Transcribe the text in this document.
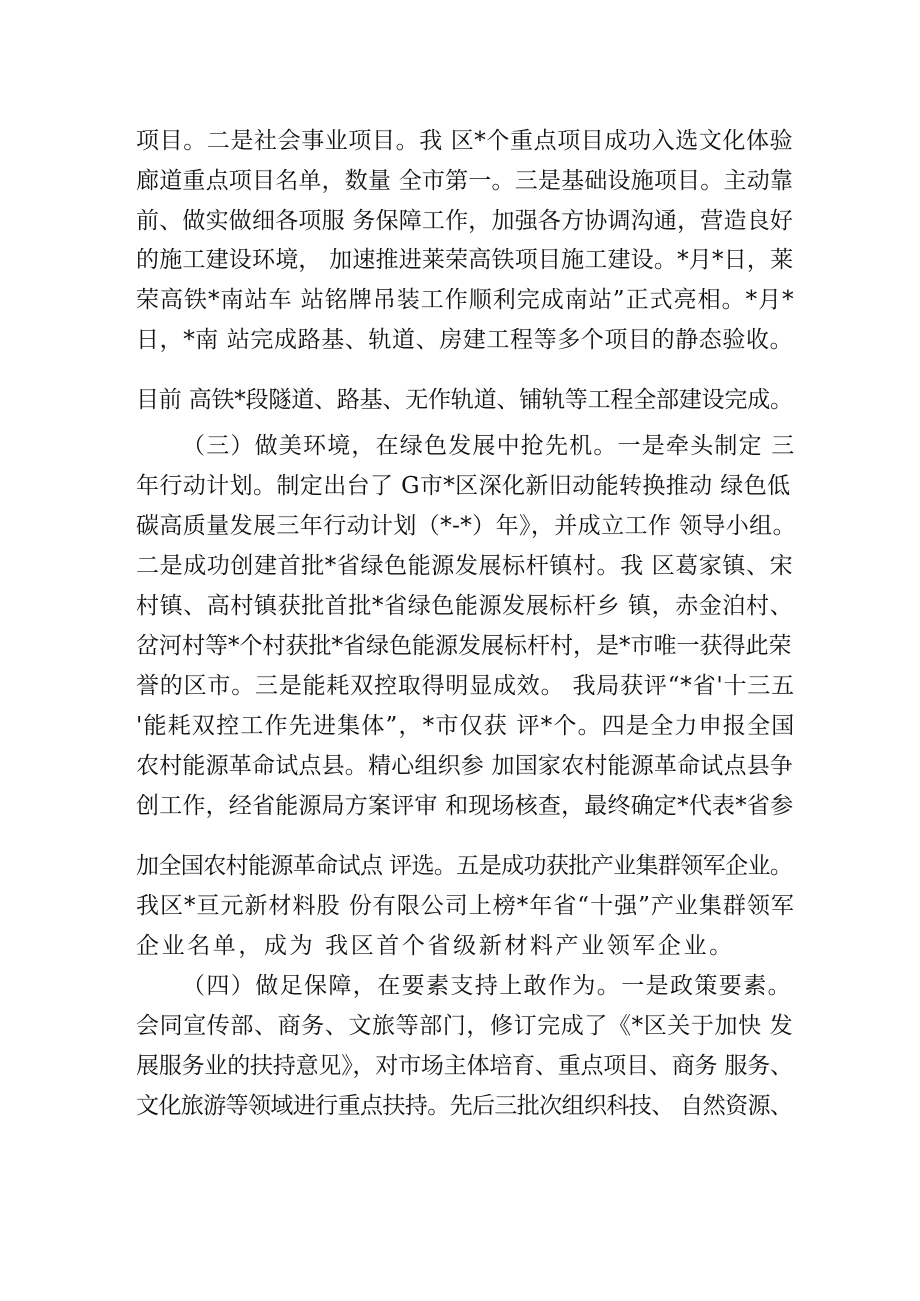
项目。二是社会事业项目。我 区*个重点项目成功入选文化体验
廊道重点项目名单，数量 全市第一。三是基础设施项目。主动靠
前、做实做细各项服 务保障工作，加强各方协调沟通，营造良好
的施工建设环境， 加速推进莱荣高铁项目施工建设。*月*日，莱
荣高铁*南站车 站铭牌吊装工作顺利完成南站”正式亮相。*月*
日，*南 站完成路基、轨道、房建工程等多个项目的静态验收。
目前 高铁*段隧道、路基、无作轨道、铺轨等工程全部建设完成。
（三）做美环境，在绿色发展中抢先机。一是牵头制定 三
年行动计划。制定出台了 G市*区深化新旧动能转换推动 绿色低
碳高质量发展三年行动计划（*-*）年》，并成立工作 领导小组。
二是成功创建首批*省绿色能源发展标杆镇村。我 区葛家镇、宋
村镇、高村镇获批首批*省绿色能源发展标杆乡 镇，赤金泊村、
岔河村等*个村获批*省绿色能源发展标杆村，是*市唯一获得此荣
誉的区市。三是能耗双控取得明显成效。 我局获评“*省'十三五
'能耗双控工作先进集体”，*市仅获 评*个。四是全力申报全国
农村能源革命试点县。精心组织参 加国家农村能源革命试点县争
创工作，经省能源局方案评审 和现场核查，最终确定*代表*省参
加全国农村能源革命试点 评选。五是成功获批产业集群领军企业。
我区*亘元新材料股 份有限公司上榜*年省“十强”产业集群领军
企业名单，成为 我区首个省级新材料产业领军企业。
（四）做足保障，在要素支持上敢作为。一是政策要素。
会同宣传部、商务、文旅等部门，修订完成了《*区关于加快 发
展服务业的扶持意见》，对市场主体培育、重点项目、商务 服务、
文化旅游等领域进行重点扶持。先后三批次组织科技、 自然资源、
